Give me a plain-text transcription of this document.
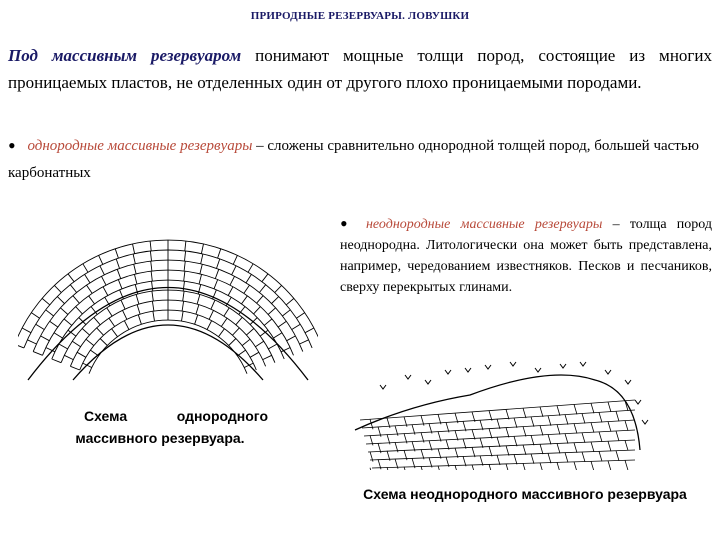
ПРИРОДНЫЕ РЕЗЕРВУАРЫ. ЛОВУШКИ
Под массивным резервуаром понимают мощные толщи пород, состоящие из многих проницаемых пластов, не отделенных один от другого плохо проницаемыми породами.
• однородные массивные резервуары – сложены сравнительно однородной толщей пород, большей частью карбонатных
• неоднородные массивные резервуары – толща пород неоднородна. Литологически она может быть представлена, например, чередованием известняков. Песков и песчаников, сверху перекрытых глинами.
Схема однородного
массивного резервуара.
Схема неоднородного массивного резервуара
